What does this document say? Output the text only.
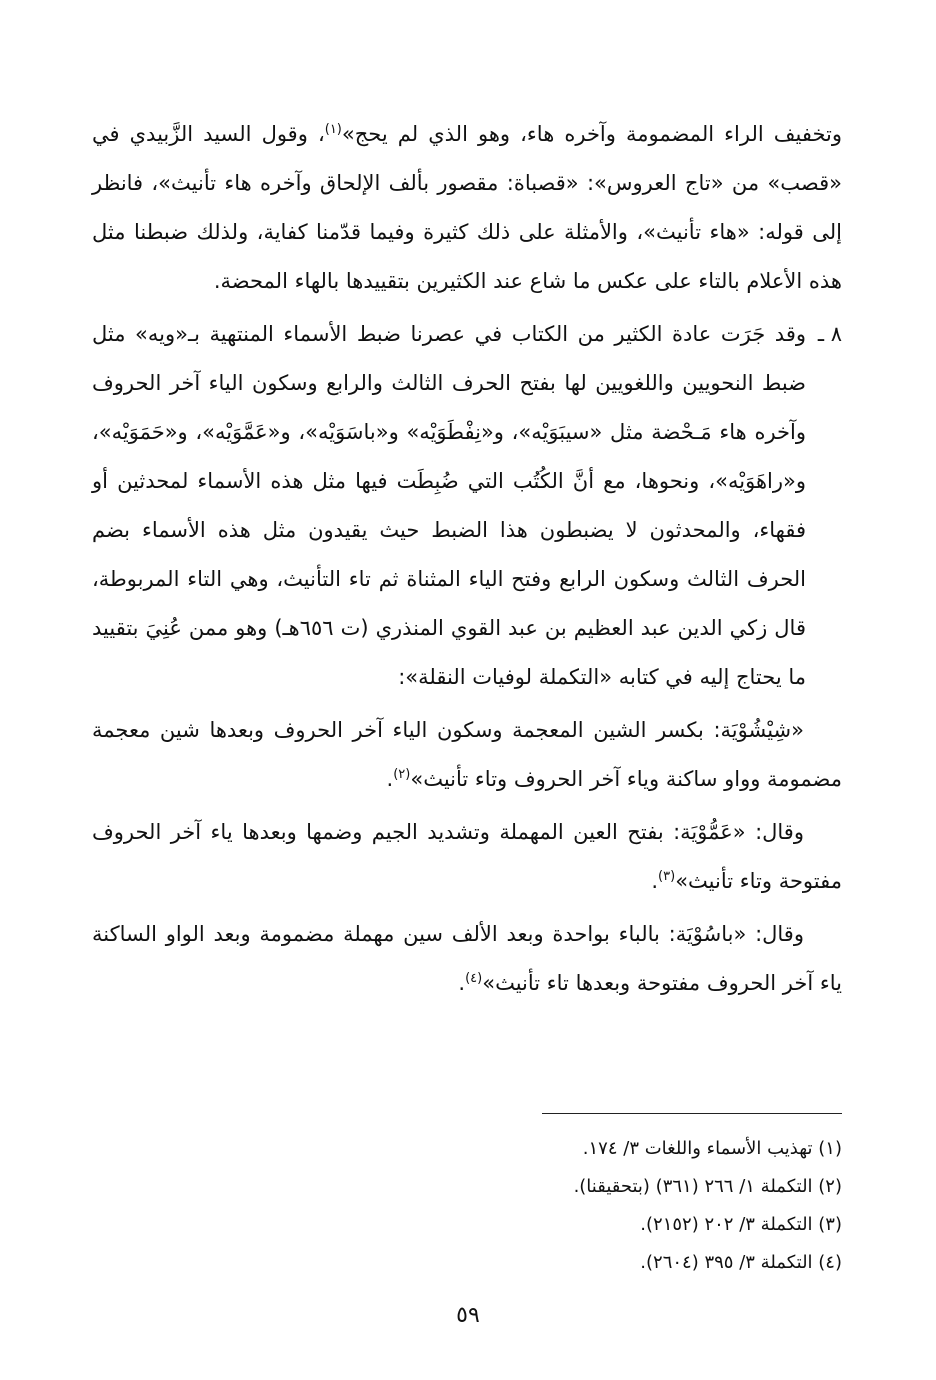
وتخفيف الراء المضمومة وآخره هاء، وهو الذي لم يحج»$^{(١)}$، وقول السيد الزَّبيدي في «قصب» من «تاج العروس»: «قصباة: مقصور بألف الإلحاق وآخره هاء تأنيث»، فانظر إلى قوله: «هاء تأنيث»، والأمثلة على ذلك كثيرة وفيما قدّمنا كفاية، ولذلك ضبطنا مثل هذه الأعلام بالتاء على عكس ما شاع عند الكثيرين بتقييدها بالهاء المحضة.

٨ ـ
وقد جَرَت عادة الكثير من الكتاب في عصرنا ضبط الأسماء المنتهية بـ«ويه» مثل ضبط النحويين واللغويين لها بفتح الحرف الثالث والرابع وسكون الياء آخر الحروف وآخره هاء مَـحْضة مثل «سيبَوَيْه»، و«نِفْطَوَيْه» و«باسَوَيْه»، و«عَمَّوَيْه»، و«حَمَوَيْه»، و«راهَوَيْه»، ونحوها، مع أنَّ الكُتُب التي ضُبِطَت فيها مثل هذه الأسماء لمحدثين أو فقهاء، والمحدثون لا يضبطون هذا الضبط حيث يقيدون مثل هذه الأسماء بضم الحرف الثالث وسكون الرابع وفتح الياء المثناة ثم تاء التأنيث، وهي التاء المربوطة، قال زكي الدين عبد العظيم بن عبد القوي المنذري (ت ٦٥٦هـ) وهو ممن عُنِيَ بتقييد ما يحتاج إليه في كتابه «التكملة لوفيات النقلة»:

«شِيْشُوْيَة: بكسر الشين المعجمة وسكون الياء آخر الحروف وبعدها شين معجمة مضمومة وواو ساكنة وياء آخر الحروف وتاء تأنيث»$^{(٢)}$.

وقال: «عَمُّوْيَة: بفتح العين المهملة وتشديد الجيم وضمها وبعدها ياء آخر الحروف مفتوحة وتاء تأنيث»$^{(٣)}$.

وقال: «باسُوْيَة: بالباء بواحدة وبعد الألف سين مهملة مضمومة وبعد الواو الساكنة ياء آخر الحروف مفتوحة وبعدها تاء تأنيث»$^{(٤)}$.

(١) تهذيب الأسماء واللغات ٣/ ١٧٤.
(٢) التكملة ١/ ٢٦٦ (٣٦١) (بتحقيقنا).
(٣) التكملة ٣/ ٢٠٢ (٢١٥٢).
(٤) التكملة ٣/ ٣٩٥ (٢٦٠٤).
٥٩
